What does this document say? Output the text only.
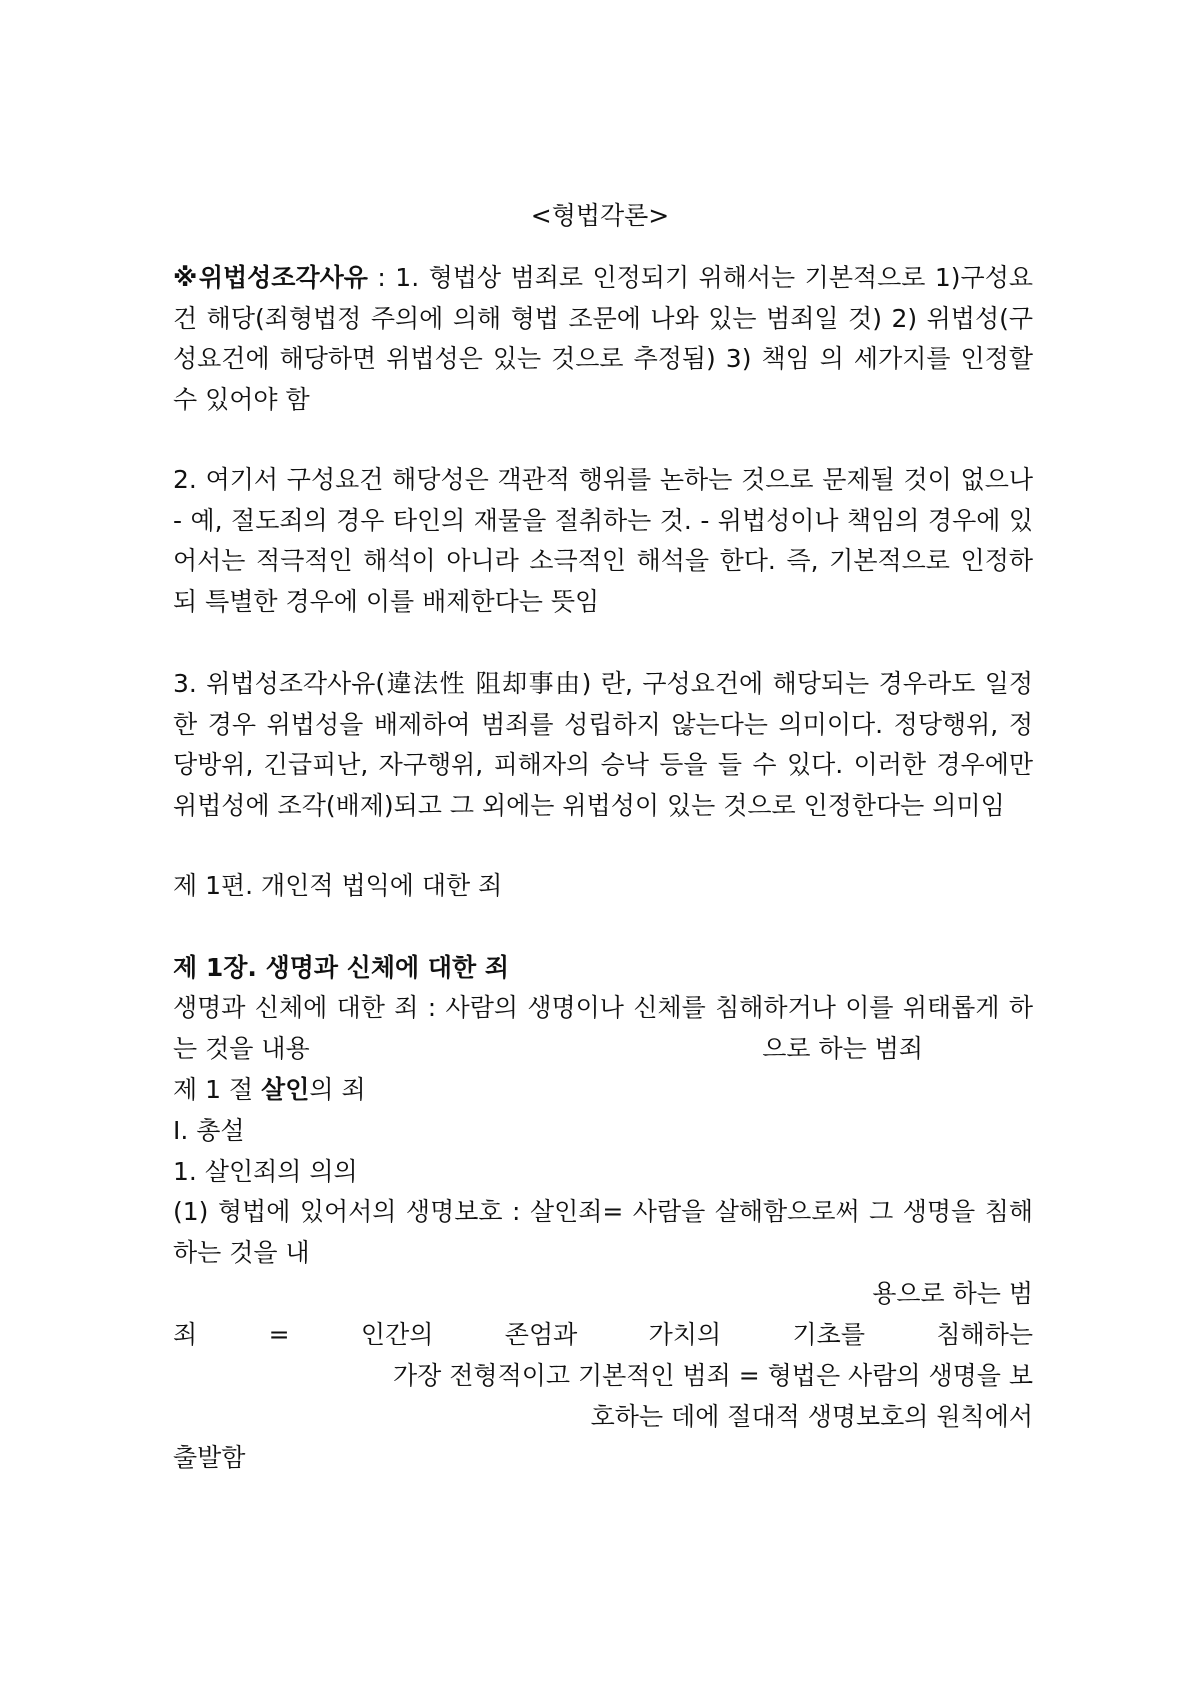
<형법각론>
※위법성조각사유 : 1. 형법상 범죄로 인정되기 위해서는 기본적으로 1)구성요건 해당(죄형법정 주의에 의해 형법 조문에 나와 있는 범죄일 것) 2) 위법성(구성요건에 해당하면 위법성은 있는 것으로 추정됨) 3) 책임 의 세가지를 인정할 수 있어야 함
2. 여기서 구성요건 해당성은 객관적 행위를 논하는 것으로 문제될 것이 없으나 - 예, 절도죄의 경우 타인의 재물을 절취하는 것. - 위법성이나 책임의 경우에 있어서는 적극적인 해석이 아니라 소극적인 해석을 한다. 즉, 기본적으로 인정하되 특별한 경우에 이를 배제한다는 뜻임
3. 위법성조각사유(違法性 阻却事由) 란, 구성요건에 해당되는 경우라도 일정한 경우 위법성을 배제하여 범죄를 성립하지 않는다는 의미이다. 정당행위, 정당방위, 긴급피난, 자구행위, 피해자의 승낙 등을 들 수 있다. 이러한 경우에만 위법성에 조각(배제)되고 그 외에는 위법성이 있는 것으로 인정한다는 의미임
제 1편. 개인적 법익에 대한 죄
제 1장. 생명과 신체에 대한 죄
생명과 신체에 대한 죄 : 사람의 생명이나 신체를 침해하거나 이를 위태롭게 하는 것을 내용	으로 하는 범죄
제 1 절 살인의 죄
Ⅰ. 총설
1. 살인죄의 의의
(1) 형법에 있어서의 생명보호 : 살인죄= 사람을 살해함으로써 그 생명을 침해하는 것을 내
용으로 하는 범
죄 = 인간의 존엄과 가치의 기초를 침해하는
가장 전형적이고 기본적인 범죄 = 형법은 사람의 생명을 보
호하는 데에 절대적 생명보호의 원칙에서
출발함
